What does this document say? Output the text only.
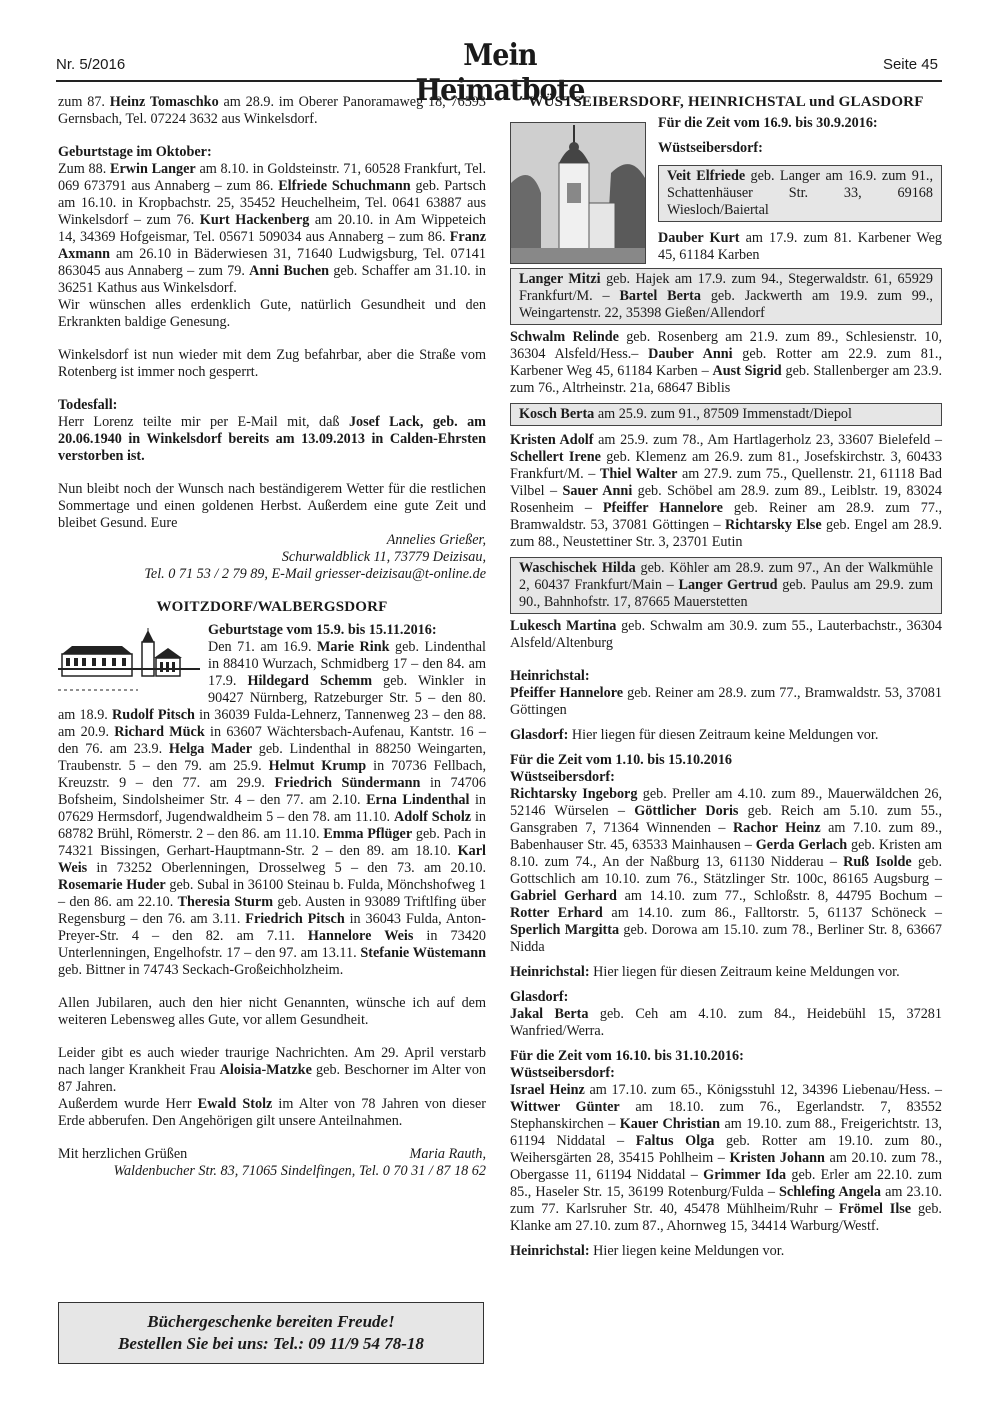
Nr. 5/2016	Mein Heimatbote
Seite 45

zum 87. Heinz Tomaschko am 28.9. im Oberer Panoramaweg 18, 76593 Gernsbach, Tel. 07224 3632 aus Winkelsdorf.

Geburtstage im Oktober:

Zum 88. Erwin Langer am 8.10. in Goldsteinstr. 71, 60528 Frankfurt, Tel. 069 673791 aus Annaberg – zum 86. Elfriede Schuchmann geb. Partsch am 16.10. in Kropbachstr. 25, 35452 Heuchelheim, Tel. 0641 63887 aus Winkelsdorf – zum 76. Kurt Hackenberg am 20.10. in Am Wippeteich 14, 34369 Hofgeismar, Tel. 05671 509034 aus Annaberg – zum 86. Franz Axmann am 26.10 in Bäderwiesen 31, 71640 Ludwigsburg, Tel. 07141 863045 aus Annaberg – zum 79. Anni Buchen geb. Schaffer am 31.10. in 36251 Kathus aus Winkelsdorf.

Wir wünschen alles erdenklich Gute, natürlich Gesundheit und den Erkrankten baldige Genesung.

Winkelsdorf ist nun wieder mit dem Zug befahrbar, aber die Straße vom Rotenberg ist immer noch gesperrt.

Todesfall:

Herr Lorenz teilte mir per E-Mail mit, daß Josef Lack, geb. am 20.06.1940 in Winkelsdorf bereits am 13.09.2013 in Calden-Ehrsten verstorben ist.

Nun bleibt noch der Wunsch nach beständigerem Wetter für die restlichen Sommertage und einen goldenen Herbst. Außerdem eine gute Zeit und bleibet Gesund. Eure

Annelies Grießer,

Schurwaldblick 11, 73779 Deizisau,

Tel. 0 71 53 / 2 79 89, E-Mail griesser-deizisau@t-online.de

WOITZDORF/WALBERGSDORF

Geburtstage vom 15.9. bis 15.11.2016:

Den 71. am 16.9. Marie Rink geb. Lindenthal in 88410 Wurzach, Schmidberg 17 – den 84. am 17.9. Hildegard Schemm geb. Winkler in 90427 Nürnberg, Ratzeburger Str. 5 – den 80. am 18.9. Rudolf Pitsch in 36039 Fulda-Lehnerz, Tannenweg 23 – den 88. am 20.9. Richard Mück in 63607 Wächtersbach-Aufenau, Kantstr. 16 – den 76. am 23.9. Helga Mader geb. Lindenthal in 88250 Weingarten, Traubenstr. 5 – den 79. am 25.9. Helmut Krump in 70736 Fellbach, Kreuzstr. 9 – den 77. am 29.9. Friedrich Sündermann in 74706 Bofsheim, Sindolsheimer Str. 4 – den 77. am 2.10. Erna Lindenthal in 07629 Hermsdorf, Jugendwaldheim 5 – den 78. am 11.10. Adolf Scholz in 68782 Brühl, Römerstr. 2 – den 86. am 11.10. Emma Pflüger geb. Pach in 74321 Bissingen, Gerhart-Hauptmann-Str. 2 – den 89. am 18.10. Karl Weis in 73252 Oberlenningen, Drosselweg 5 – den 73. am 20.10. Rosemarie Huder geb. Subal in 36100 Steinau b. Fulda, Mönchshofweg 1 – den 86. am 22.10. Theresia Sturm geb. Austen in 93089 Triftlfing über Regensburg – den 76. am 3.11. Friedrich Pitsch in 36043 Fulda, Anton-Preyer-Str. 4 – den 82. am 7.11. Hannelore Weis in 73420 Unterlenningen, Engelhofstr. 17 – den 97. am 13.11. Stefanie Wüstemann geb. Bittner in 74743 Seckach-Großeichholzheim.

Allen Jubilaren, auch den hier nicht Genannten, wünsche ich auf dem weiteren Lebensweg alles Gute, vor allem Gesundheit.

Leider gibt es auch wieder traurige Nachrichten. Am 29. April verstarb nach langer Krankheit Frau Aloisia-Matzke geb. Beschorner im Alter von 87 Jahren.

Außerdem wurde Herr Ewald Stolz im Alter von 78 Jahren von dieser Erde abberufen. Den Angehörigen gilt unsere Anteilnahmen.

Mit herzlichen Grüßen	Maria Rauth,

Waldenbucher Str. 83, 71065 Sindelfingen, Tel. 0 70 31 / 87 18 62

Büchergeschenke bereiten Freude!
Bestellen Sie bei uns: Tel.: 09 11/9 54 78-18

WÜSTSEIBERSDORF, HEINRICHSTAL und GLASDORF

Für die Zeit vom 16.9. bis 30.9.2016:

Wüstseibersdorf:

Veit Elfriede geb. Langer am 16.9. zum 91., Schattenhäuser Str. 33, 69168 Wiesloch/Baiertal

Dauber Kurt am 17.9. zum 81. Karbener Weg 45, 61184 Karben

Langer Mitzi geb. Hajek am 17.9. zum 94., Stegerwaldstr. 61, 65929 Frankfurt/M. – Bartel Berta geb. Jackwerth am 19.9. zum 99., Weingartenstr. 22, 35398 Gießen/Allendorf

Schwalm Relinde geb. Rosenberg am 21.9. zum 89., Schlesienstr. 10, 36304 Alsfeld/Hess.– Dauber Anni geb. Rotter am 22.9. zum 81., Karbener Weg 45, 61184 Karben – Aust Sigrid geb. Stallenberger am 23.9. zum 76., Altrheinstr. 21a, 68647 Biblis

Kosch Berta am 25.9. zum 91., 87509 Immenstadt/Diepol

Kristen Adolf am 25.9. zum 78., Am Hartlagerholz 23, 33607 Bielefeld – Schellert Irene geb. Klemenz am 26.9. zum 81., Josefskirchstr. 3, 60433 Frankfurt/M. – Thiel Walter am 27.9. zum 75., Quellenstr. 21, 61118 Bad Vilbel – Sauer Anni geb. Schöbel am 28.9. zum 89., Leiblstr. 19, 83024 Rosenheim – Pfeiffer Hannelore geb. Reiner am 28.9. zum 77., Bramwaldstr. 53, 37081 Göttingen – Richtarsky Else geb. Engel am 28.9. zum 88., Neustettiner Str. 3, 23701 Eutin

Waschischek Hilda geb. Köhler am 28.9. zum 97., An der Walkmühle 2, 60437 Frankfurt/Main – Langer Gertrud geb. Paulus am 29.9. zum 90., Bahnhofstr. 17, 87665 Mauerstetten

Lukesch Martina geb. Schwalm am 30.9. zum 55., Lauterbachstr., 36304 Alsfeld/Altenburg

Heinrichstal:

Pfeiffer Hannelore geb. Reiner am 28.9. zum 77., Bramwaldstr. 53, 37081 Göttingen

Glasdorf: Hier liegen für diesen Zeitraum keine Meldungen vor.

Für die Zeit vom 1.10. bis 15.10.2016

Wüstseibersdorf:

Richtarsky Ingeborg geb. Preller am 4.10. zum 89., Mauerwäldchen 26, 52146 Würselen – Göttlicher Doris geb. Reich am 5.10. zum 55., Gansgraben 7, 71364 Winnenden – Rachor Heinz am 7.10. zum 89., Babenhauser Str. 45, 63533 Mainhausen – Gerda Gerlach geb. Kristen am 8.10. zum 74., An der Naßburg 13, 61130 Nidderau – Ruß Isolde geb. Gottschlich am 10.10. zum 76., Stätzlinger Str. 100c, 86165 Augsburg – Gabriel Gerhard am 14.10. zum 77., Schloßstr. 8, 44795 Bochum – Rotter Erhard am 14.10. zum 86., Falltorstr. 5, 61137 Schöneck – Sperlich Margitta geb. Dorowa am 15.10. zum 78., Berliner Str. 8, 63667 Nidda

Heinrichstal: Hier liegen für diesen Zeitraum keine Meldungen vor.

Glasdorf:

Jakal Berta geb. Ceh am 4.10. zum 84., Heidebühl 15, 37281 Wanfried/Werra.

Für die Zeit vom 16.10. bis 31.10.2016:

Wüstseibersdorf:

Israel Heinz am 17.10. zum 65., Königsstuhl 12, 34396 Liebenau/Hess. – Wittwer Günter am 18.10. zum 76., Egerlandstr. 7, 83552 Stephanskirchen – Kauer Christian am 19.10. zum 88., Freigerichtstr. 13, 61194 Niddatal – Faltus Olga geb. Rotter am 19.10. zum 80., Weihersgärten 28, 35415 Pohlheim – Kristen Johann am 20.10. zum 78., Obergasse 11, 61194 Niddatal – Grimmer Ida geb. Erler am 22.10. zum 85., Haseler Str. 15, 36199 Rotenburg/Fulda – Schlefing Angela am 23.10. zum 77. Karlsruher Str. 40, 45478 Mühlheim/Ruhr – Frömel Ilse geb. Klanke am 27.10. zum 87., Ahornweg 15, 34414 Warburg/Westf.

Heinrichstal: Hier liegen keine Meldungen vor.
